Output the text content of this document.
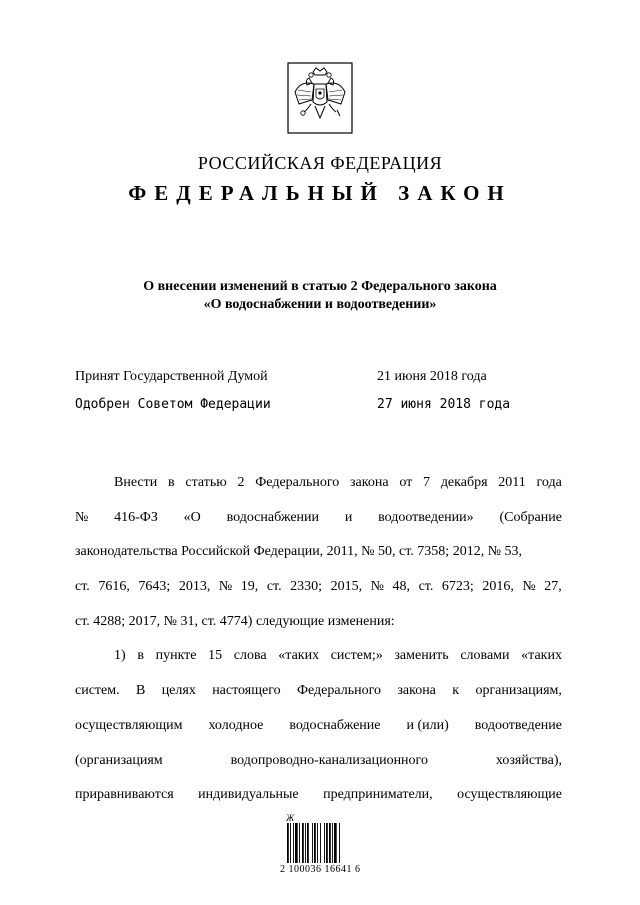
РОССИЙСКАЯ ФЕДЕРАЦИЯ
ФЕДЕРАЛЬНЫЙ ЗАКОН
О внесении изменений в статью 2 Федерального закона
«О водоснабжении и водоотведении»
Принят Государственной Думой	21 июня 2018 года
Одобрен Советом Федерации	27 июня 2018 года
Внести в статью 2 Федерального закона от 7 декабря 2011 года
№ 416-ФЗ «О водоснабжении и водоотведении» (Собрание
законодательства Российской Федерации, 2011, № 50, ст. 7358; 2012, № 53,
ст. 7616, 7643; 2013, № 19, ст. 2330; 2015, № 48, ст. 6723; 2016, № 27,
ст. 4288; 2017, № 31, ст. 4774) следующие изменения:
1) в пункте 15 слова «таких систем;» заменить словами «таких
систем. В целях настоящего Федерального закона к организациям,
осуществляющим холодное водоснабжение и (или) водоотведение
(организациям	водопроводно-канализационного	хозяйства),
приравниваются индивидуальные предприниматели, осуществляющие
Ж
2 100036 16641 6
